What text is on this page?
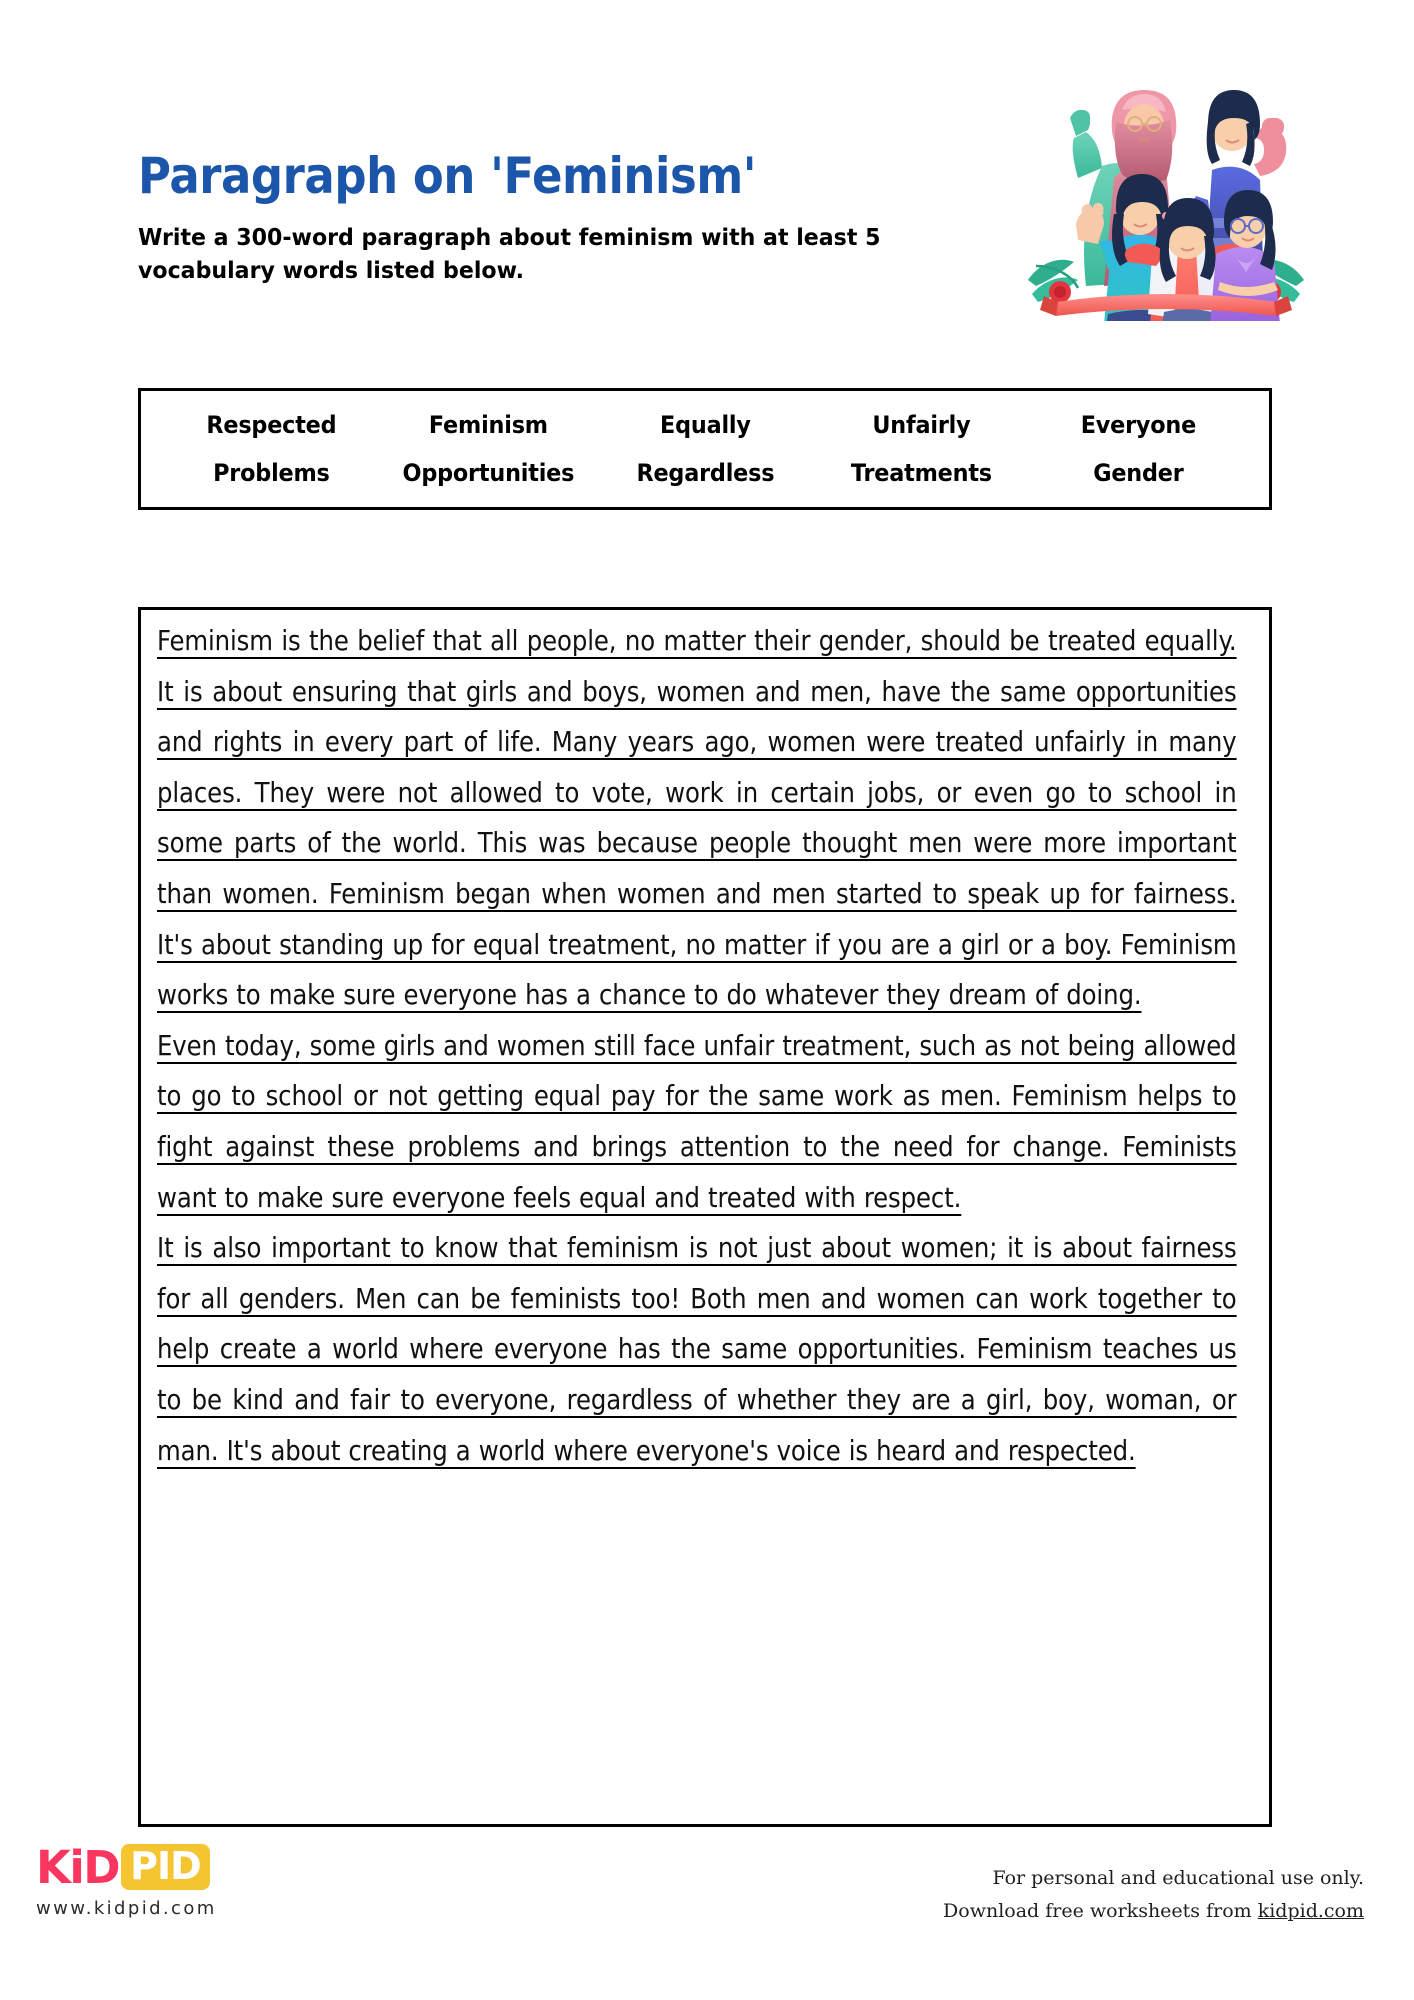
Paragraph on 'Feminism'

Write a 300-word paragraph about feminism with at least 5 vocabulary words listed below.

Respected	Feminism	Equally	Unfairly	Everyone
Problems	Opportunities	Regardless	Treatments	Gender

Feminism is the belief that all people, no matter their gender, should be treated equally. It is about ensuring that girls and boys, women and men, have the same opportunities and rights in every part of life. Many years ago, women were treated unfairly in many places. They were not allowed to vote, work in certain jobs, or even go to school in some parts of the world. This was because people thought men were more important than women. Feminism began when women and men started to speak up for fairness. It's about standing up for equal treatment, no matter if you are a girl or a boy. Feminism works to make sure everyone has a chance to do whatever they dream of doing.

Even today, some girls and women still face unfair treatment, such as not being allowed to go to school or not getting equal pay for the same work as men. Feminism helps to fight against these problems and brings attention to the need for change. Feminists want to make sure everyone feels equal and treated with respect.

It is also important to know that feminism is not just about women; it is about fairness for all genders. Men can be feminists too! Both men and women can work together to help create a world where everyone has the same opportunities. Feminism teaches us to be kind and fair to everyone, regardless of whether they are a girl, boy, woman, or man. It's about creating a world where everyone's voice is heard and respected.

KiD PID
www.kidpid.com
For personal and educational use only.
Download free worksheets from kidpid.com
